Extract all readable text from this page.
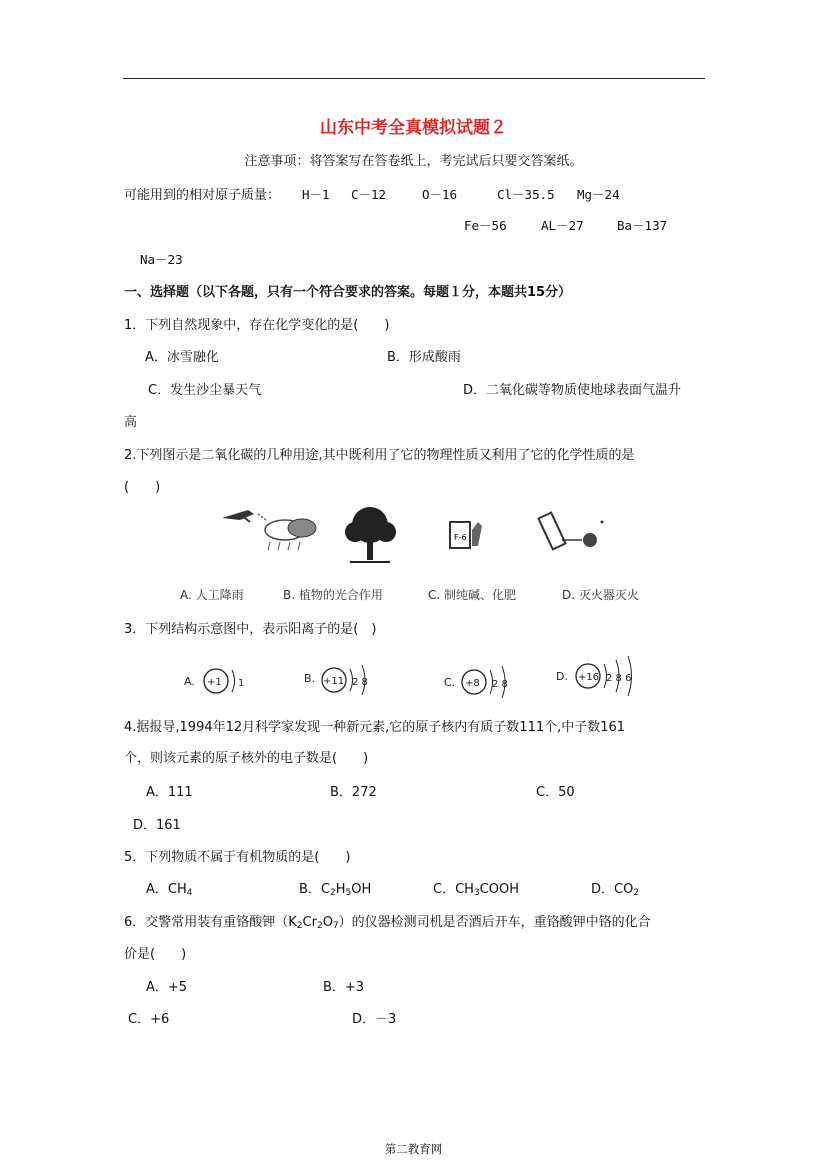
山东中考全真模拟试题２
注意事项：将答案写在答卷纸上，考完试后只要交答案纸。
可能用到的相对原子质量： H－1 C－12	O－16	Cl－35.5 Mg－24
Fe－56	AL－27	Ba－137
Na－23
一、选择题（以下各题，只有一个符合要求的答案。每题１分，本题共15分）
1．下列自然现象中，存在化学变化的是(　　)
A．冰雪融化	B．形成酸雨
C．发生沙尘暴天气	D．二氧化碳等物质使地球表面气温升
高
2.下列图示是二氧化碳的几种用途,其中既利用了它的物理性质又利用了它的化学性质的是
(　　)
F-6
A. 人工降雨	B. 植物的光合作用	C. 制纯碱、化肥	D. 灭火器灭火
3．下列结构示意图中，表示阳离子的是(　)
A. +1 1	B. +11 2 8	C. +8 2 8
D. +16 2 8 6
4.据报导,1994年12月科学家发现一种新元素,它的原子核内有质子数111个,中子数161
个，则该元素的原子核外的电子数是(　　)
A．111	B．272	C．50
D．161
5．下列物质不属于有机物质的是(　　)
A．$CH_4$	B．$C_2H_5OH$	C．$CH_3COOH$	D．$CO_2$
6．交警常用装有重铬酸钾$(K_2Cr_2O_7)$的仪器检测司机是否酒后开车，重铬酸钾中铬的化合
价是(　　)
A．+5	B．+3
C．+6	D．－3
第二教育网
